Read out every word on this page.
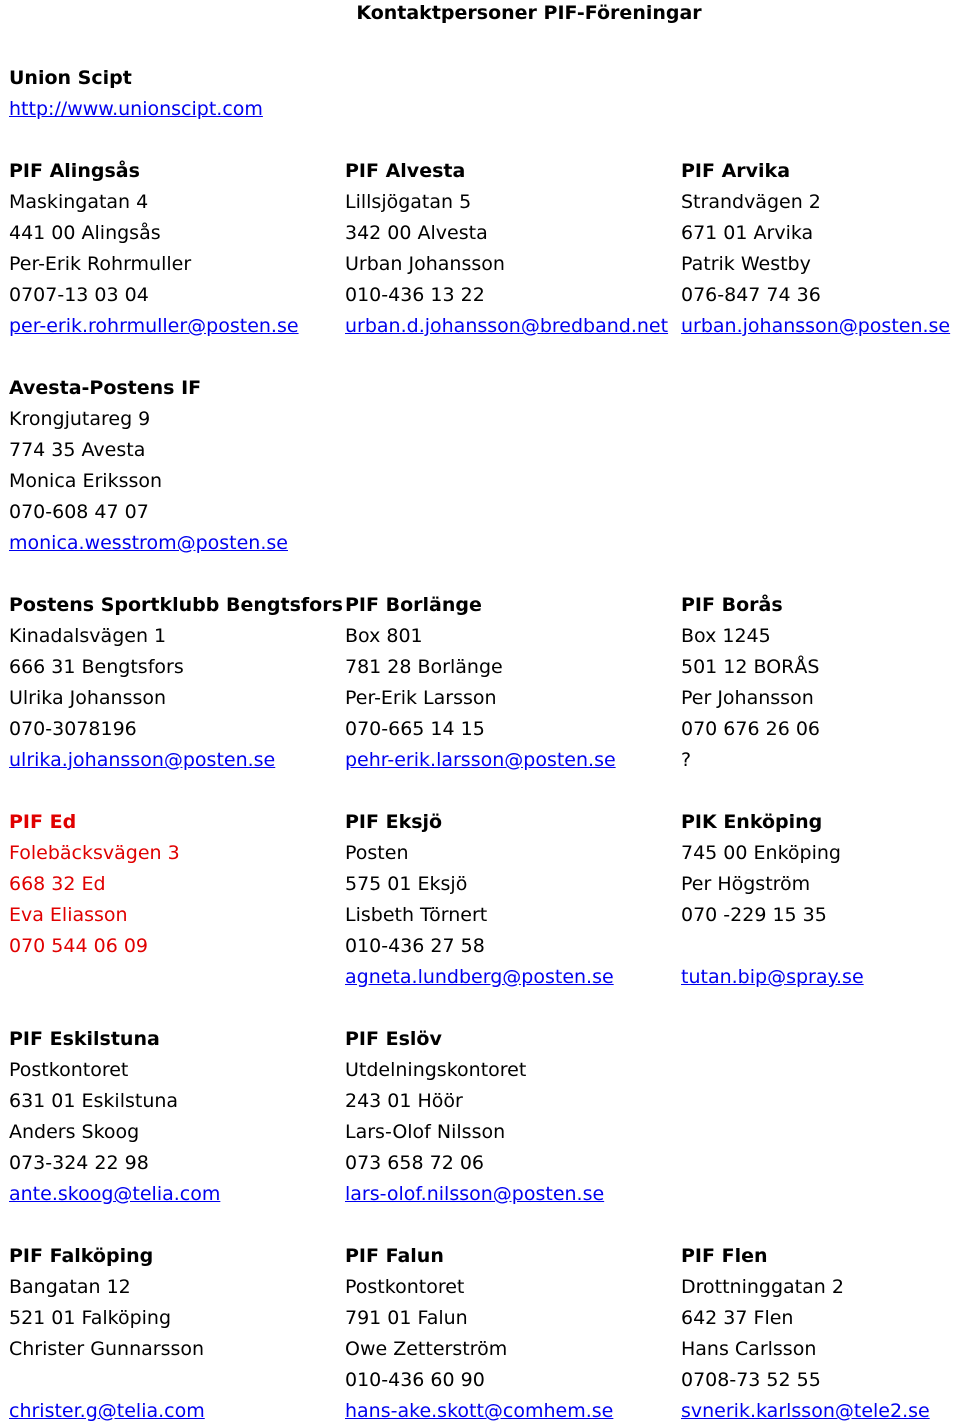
Kontaktpersoner PIF-Föreningar
Union Scipt
http://www.unionscipt.com
PIF Alingsås
Maskingatan 4
441 00 Alingsås
Per-Erik Rohrmuller
0707-13 03 04
per-erik.rohrmuller@posten.se
PIF Alvesta
Lillsjögatan 5
342 00 Alvesta
Urban Johansson
010-436 13 22
urban.d.johansson@bredband.net
PIF Arvika
Strandvägen 2
671 01 Arvika
Patrik Westby
076-847 74 36
urban.johansson@posten.se
Avesta-Postens IF
Krongjutareg 9
774 35 Avesta
Monica Eriksson
070-608 47 07
monica.wesstrom@posten.se
Postens Sportklubb Bengtsfors
Kinadalsvägen 1
666 31 Bengtsfors
Ulrika Johansson
070-3078196
ulrika.johansson@posten.se
PIF Borlänge
Box 801
781 28 Borlänge
Per-Erik Larsson
070-665 14 15
pehr-erik.larsson@posten.se
PIF Borås
Box 1245
501 12 BORÅS
Per Johansson
070 676 26 06
?
PIF Ed
Folebäcksvägen 3
668 32 Ed
Eva Eliasson
070 544 06 09
PIF Eksjö
Posten
575 01 Eksjö
Lisbeth Törnert
010-436 27 58
agneta.lundberg@posten.se
PIK Enköping
745 00 Enköping
Per Högström
070 -229 15 35
tutan.bip@spray.se
PIF Eskilstuna
Postkontoret
631 01 Eskilstuna
Anders Skoog
073-324 22 98
ante.skoog@telia.com
PIF Eslöv
Utdelningskontoret
243 01 Höör
Lars-Olof Nilsson
073 658 72 06
lars-olof.nilsson@posten.se
PIF Falköping
Bangatan 12
521 01 Falköping
Christer Gunnarsson
christer.g@telia.com
PIF Falun
Postkontoret
791 01 Falun
Owe Zetterström
010-436 60 90
hans-ake.skott@comhem.se
PIF Flen
Drottninggatan 2
642 37 Flen
Hans Carlsson
0708-73 52 55
svnerik.karlsson@tele2.se
